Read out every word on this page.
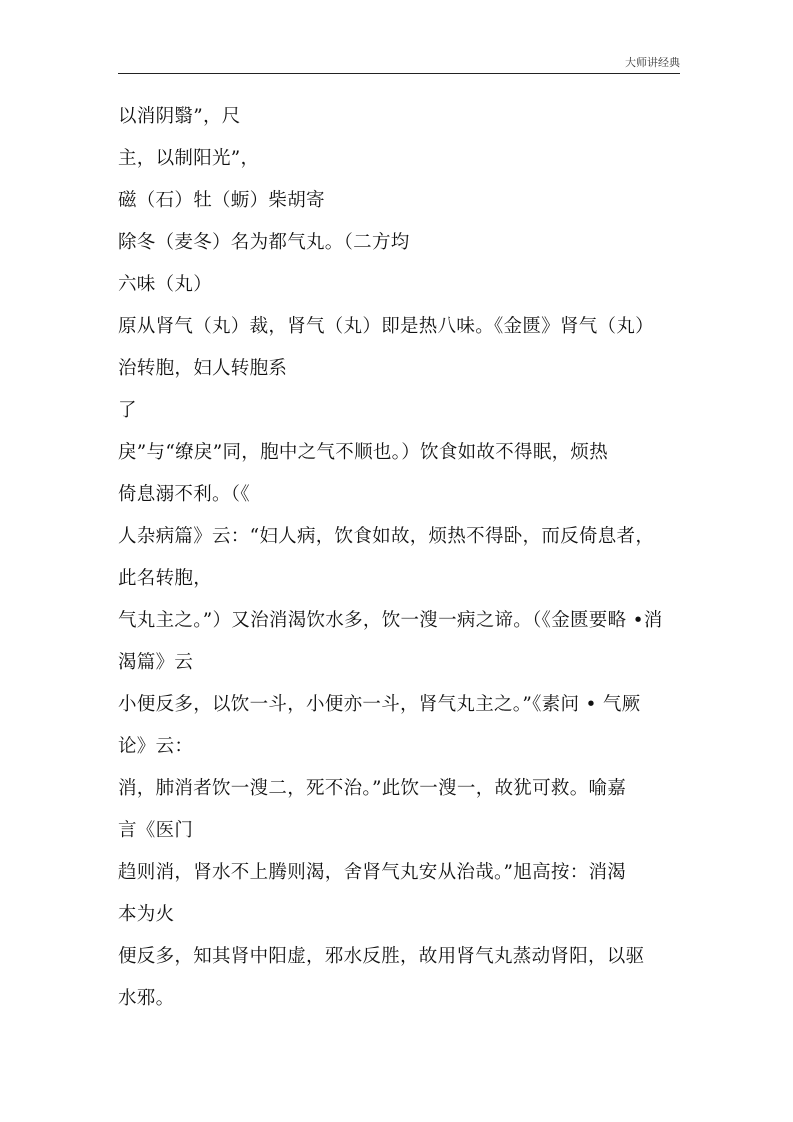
大师讲经典
以消阴翳”，尺
主，以制阳光”，
磁（石）牡（蛎）柴胡寄
除冬（麦冬）名为都气丸。（二方均
六味（丸）
原从肾气（丸）裁，肾气（丸）即是热八味。《金匮》肾气（丸）
治转胞，妇人转胞系
了
戾”与“缭戾”同，胞中之气不顺也。）饮食如故不得眠，烦热
倚息溺不利。（《
人杂病篇》云：“妇人病，饮食如故，烦热不得卧，而反倚息者，
此名转胞，
气丸主之。”）又治消渴饮水多，饮一溲一病之谛。（《金匮要略 •消
渴篇》云
小便反多，以饮一斗，小便亦一斗，肾气丸主之。”《素问 • 气厥
论》云：
消，肺消者饮一溲二，死不治。”此饮一溲一，故犹可救。喻嘉
言《医门
趋则消，肾水不上腾则渴，舍肾气丸安从治哉。”旭高按：消渴
本为火
便反多，知其肾中阳虚，邪水反胜，故用肾气丸蒸动肾阳，以驱
水邪。
